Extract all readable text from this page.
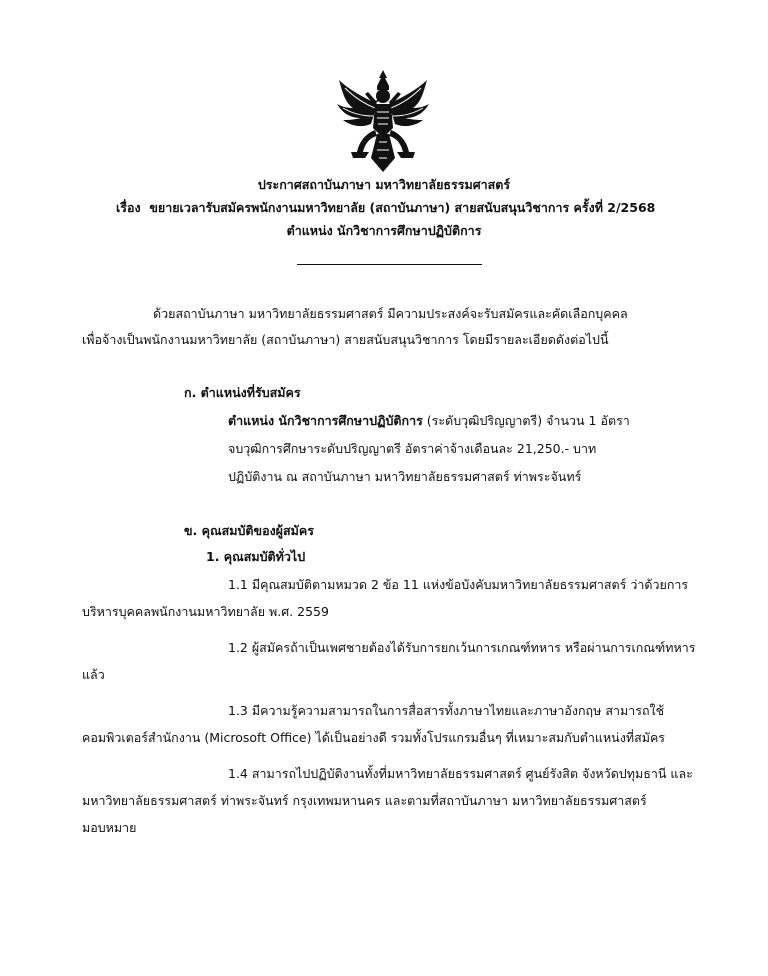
ประกาศสถาบันภาษา มหาวิทยาลัยธรรมศาสตร์
เรื่อง ขยายเวลารับสมัครพนักงานมหาวิทยาลัย (สถาบันภาษา) สายสนับสนุนวิชาการ ครั้งที่ 2/2568
ตำแหน่ง นักวิชาการศึกษาปฏิบัติการ
ด้วยสถาบันภาษา มหาวิทยาลัยธรรมศาสตร์ มีความประสงค์จะรับสมัครและคัดเลือกบุคคล
เพื่อจ้างเป็นพนักงานมหาวิทยาลัย (สถาบันภาษา) สายสนับสนุนวิชาการ โดยมีรายละเอียดดังต่อไปนี้
ก. ตำแหน่งที่รับสมัคร
ตำแหน่ง นักวิชาการศึกษาปฏิบัติการ (ระดับวุฒิปริญญาตรี) จำนวน 1 อัตรา
จบวุฒิการศึกษาระดับปริญญาตรี อัตราค่าจ้างเดือนละ 21,250.- บาท
ปฏิบัติงาน ณ สถาบันภาษา มหาวิทยาลัยธรรมศาสตร์ ท่าพระจันทร์
ข. คุณสมบัติของผู้สมัคร
1. คุณสมบัติทั่วไป
1.1 มีคุณสมบัติตามหมวด 2 ข้อ 11 แห่งข้อบังคับมหาวิทยาลัยธรรมศาสตร์ ว่าด้วยการ
บริหารบุคคลพนักงานมหาวิทยาลัย พ.ศ. 2559
1.2 ผู้สมัครถ้าเป็นเพศชายต้องได้รับการยกเว้นการเกณฑ์ทหาร หรือผ่านการเกณฑ์ทหาร
แล้ว
1.3 มีความรู้ความสามารถในการสื่อสารทั้งภาษาไทยและภาษาอังกฤษ สามารถใช้
คอมพิวเตอร์สำนักงาน (Microsoft Office) ได้เป็นอย่างดี รวมทั้งโปรแกรมอื่นๆ ที่เหมาะสมกับตำแหน่งที่สมัคร
1.4 สามารถไปปฏิบัติงานทั้งที่มหาวิทยาลัยธรรมศาสตร์ ศูนย์รังสิต จังหวัดปทุมธานี และ
มหาวิทยาลัยธรรมศาสตร์ ท่าพระจันทร์ กรุงเทพมหานคร และตามที่สถาบันภาษา มหาวิทยาลัยธรรมศาสตร์
มอบหมาย
